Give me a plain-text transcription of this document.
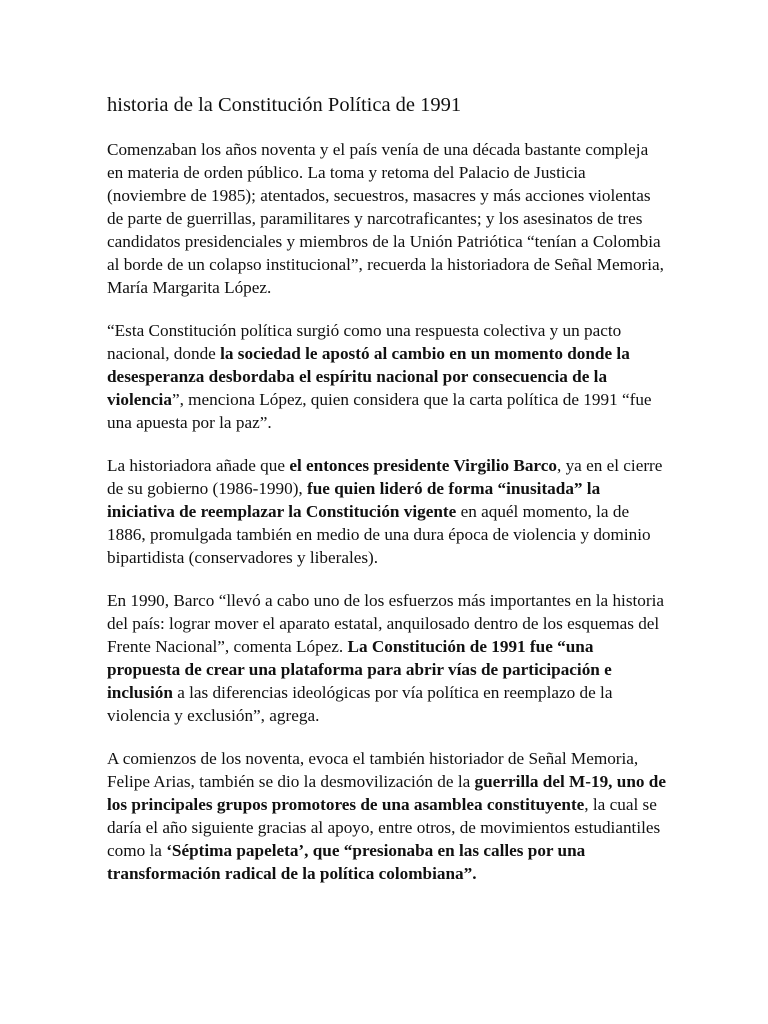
historia de la Constitución Política de 1991

Comenzaban los años noventa y el país venía de una década bastante compleja en materia de orden público. La toma y retoma del Palacio de Justicia (noviembre de 1985); atentados, secuestros, masacres y más acciones violentas de parte de guerrillas, paramilitares y narcotraficantes; y los asesinatos de tres candidatos presidenciales y miembros de la Unión Patriótica “tenían a Colombia al borde de un colapso institucional”, recuerda la historiadora de Señal Memoria, María Margarita López.

“Esta Constitución política surgió como una respuesta colectiva y un pacto nacional, donde la sociedad le apostó al cambio en un momento donde la desesperanza desbordaba el espíritu nacional por consecuencia de la violencia”, menciona López, quien considera que la carta política de 1991 “fue una apuesta por la paz”.

La historiadora añade que el entonces presidente Virgilio Barco, ya en el cierre de su gobierno (1986-1990), fue quien lideró de forma “inusitada” la iniciativa de reemplazar la Constitución vigente en aquél momento, la de 1886, promulgada también en medio de una dura época de violencia y dominio bipartidista (conservadores y liberales).

En 1990, Barco “llevó a cabo uno de los esfuerzos más importantes en la historia del país: lograr mover el aparato estatal, anquilosado dentro de los esquemas del Frente Nacional”, comenta López. La Constitución de 1991 fue “una propuesta de crear una plataforma para abrir vías de participación e inclusión a las diferencias ideológicas por vía política en reemplazo de la violencia y exclusión”, agrega.

A comienzos de los noventa, evoca el también historiador de Señal Memoria, Felipe Arias, también se dio la desmovilización de la guerrilla del M-19, uno de los principales grupos promotores de una asamblea constituyente, la cual se daría el año siguiente gracias al apoyo, entre otros, de movimientos estudiantiles como la ‘Séptima papeleta’, que “presionaba en las calles por una transformación radical de la política colombiana”.
